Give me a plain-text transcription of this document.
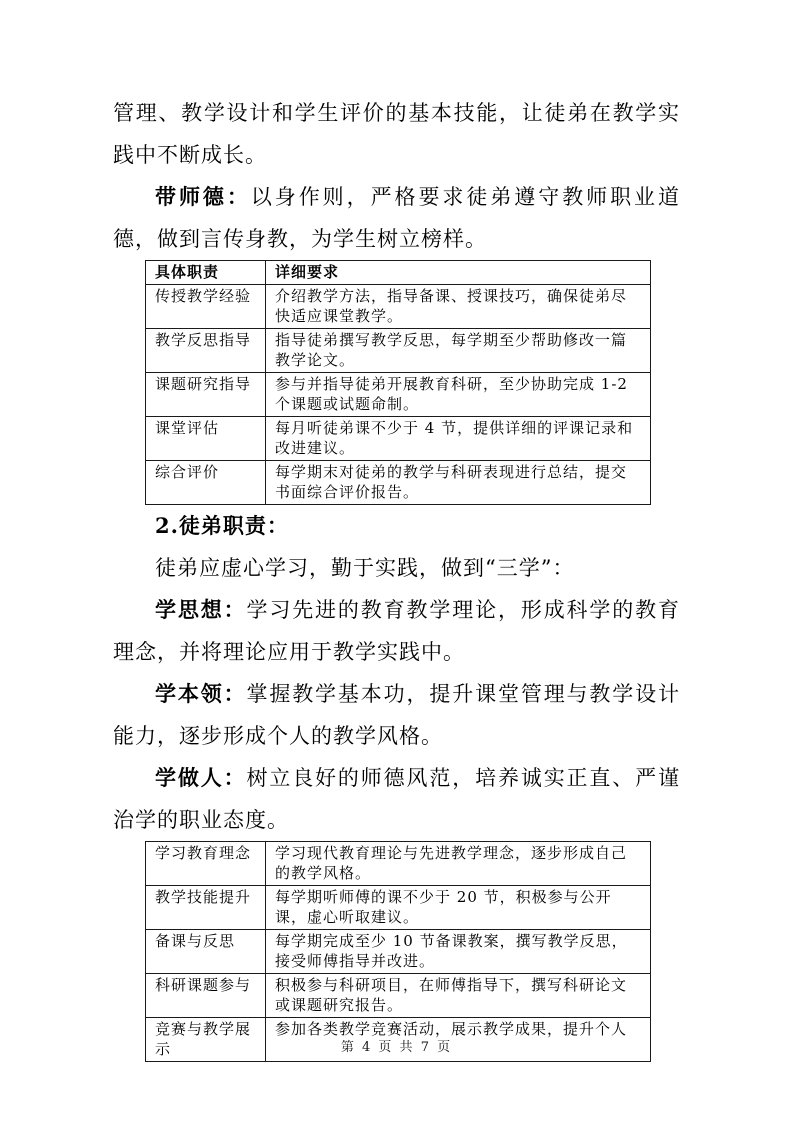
管理、教学设计和学生评价的基本技能，让徒弟在教学实践中不断成长。

带师德：以身作则，严格要求徒弟遵守教师职业道德，做到言传身教，为学生树立榜样。

具体职责	详细要求
传授教学经验	介绍教学方法，指导备课、授课技巧，确保徒弟尽快适应课堂教学。
教学反思指导	指导徒弟撰写教学反思，每学期至少帮助修改一篇教学论文。
课题研究指导	参与并指导徒弟开展教育科研，至少协助完成 1-2 个课题或试题命制。
课堂评估	每月听徒弟课不少于 4 节，提供详细的评课记录和改进建议。
综合评价	每学期末对徒弟的教学与科研表现进行总结，提交书面综合评价报告。

2.徒弟职责：

徒弟应虚心学习，勤于实践，做到“三学”：

学思想：学习先进的教育教学理论，形成科学的教育理念，并将理论应用于教学实践中。

学本领：掌握教学基本功，提升课堂管理与教学设计能力，逐步形成个人的教学风格。

学做人：树立良好的师德风范，培养诚实正直、严谨治学的职业态度。

学习教育理念	学习现代教育理论与先进教学理念，逐步形成自己的教学风格。
教学技能提升	每学期听师傅的课不少于 20 节，积极参与公开课，虚心听取建议。
备课与反思	每学期完成至少 10 节备课教案，撰写教学反思，接受师傅指导并改进。
科研课题参与	积极参与科研项目，在师傅指导下，撰写科研论文或课题研究报告。
竞赛与教学展示	参加各类教学竞赛活动，展示教学成果，提升个人
第 4 页 共 7 页
